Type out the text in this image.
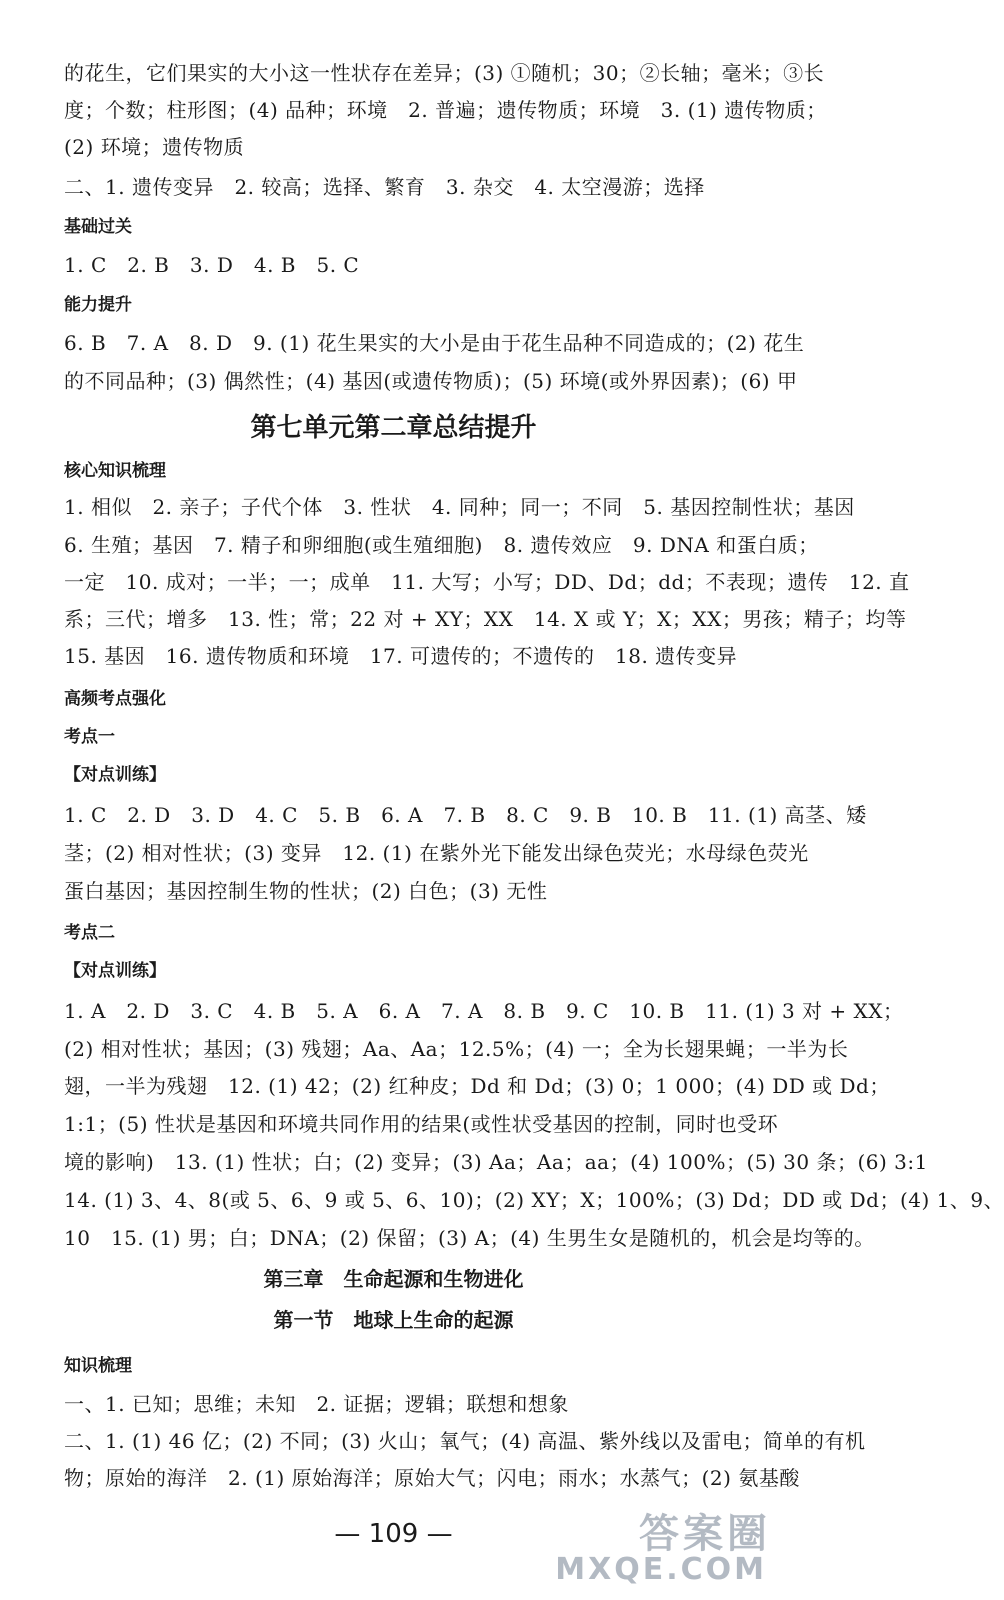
的花生，它们果实的大小这一性状存在差异；(3) ①随机；30；②长轴；毫米；③长
度；个数；柱形图；(4) 品种；环境　2. 普遍；遗传物质；环境　3. (1) 遗传物质；
(2) 环境；遗传物质
二、1. 遗传变异　2. 较高；选择、繁育　3. 杂交　4. 太空漫游；选择
基础过关
1. C　2. B　3. D　4. B　5. C
能力提升
6. B　7. A　8. D　9. (1) 花生果实的大小是由于花生品种不同造成的；(2) 花生
的不同品种；(3) 偶然性；(4) 基因(或遗传物质)；(5) 环境(或外界因素)；(6) 甲
第七单元第二章总结提升
核心知识梳理
1. 相似　2. 亲子；子代个体　3. 性状　4. 同种；同一；不同　5. 基因控制性状；基因
6. 生殖；基因　7. 精子和卵细胞(或生殖细胞)　8. 遗传效应　9. DNA 和蛋白质；
一定　10. 成对；一半；一；成单　11. 大写；小写；DD、Dd；dd；不表现；遗传　12. 直
系；三代；增多　13. 性；常；22 对 + XY；XX　14. X 或 Y；X；XX；男孩；精子；均等
15. 基因　16. 遗传物质和环境　17. 可遗传的；不遗传的　18. 遗传变异
高频考点强化
考点一
【对点训练】
1. C　2. D　3. D　4. C　5. B　6. A　7. B　8. C　9. B　10. B　11. (1) 高茎、矮
茎；(2) 相对性状；(3) 变异　12. (1) 在紫外光下能发出绿色荧光；水母绿色荧光
蛋白基因；基因控制生物的性状；(2) 白色；(3) 无性
考点二
【对点训练】
1. A　2. D　3. C　4. B　5. A　6. A　7. A　8. B　9. C　10. B　11. (1) 3 对 + XX；
(2) 相对性状；基因；(3) 残翅；Aa、Aa；12.5%；(4) 一；全为长翅果蝇；一半为长
翅，一半为残翅　12. (1) 42；(2) 红种皮；Dd 和 Dd；(3) 0；1 000；(4) DD 或 Dd；
1:1；(5) 性状是基因和环境共同作用的结果(或性状受基因的控制，同时也受环
境的影响)　13. (1) 性状；白；(2) 变异；(3) Aa；Aa；aa；(4) 100%；(5) 30 条；(6) 3:1
14. (1) 3、4、8(或 5、6、9 或 5、6、10)；(2) XY；X；100%；(3) Dd；DD 或 Dd；(4) 1、9、
10　15. (1) 男；白；DNA；(2) 保留；(3) A；(4) 生男生女是随机的，机会是均等的。
第三章　生命起源和生物进化
第一节　地球上生命的起源
知识梳理
一、1. 已知；思维；未知　2. 证据；逻辑；联想和想象
二、1. (1) 46 亿；(2) 不同；(3) 火山；氧气；(4) 高温、紫外线以及雷电；简单的有机
物；原始的海洋　2. (1) 原始海洋；原始大气；闪电；雨水；水蒸气；(2) 氨基酸
— 109 —	答案圈
MXQE.COM
